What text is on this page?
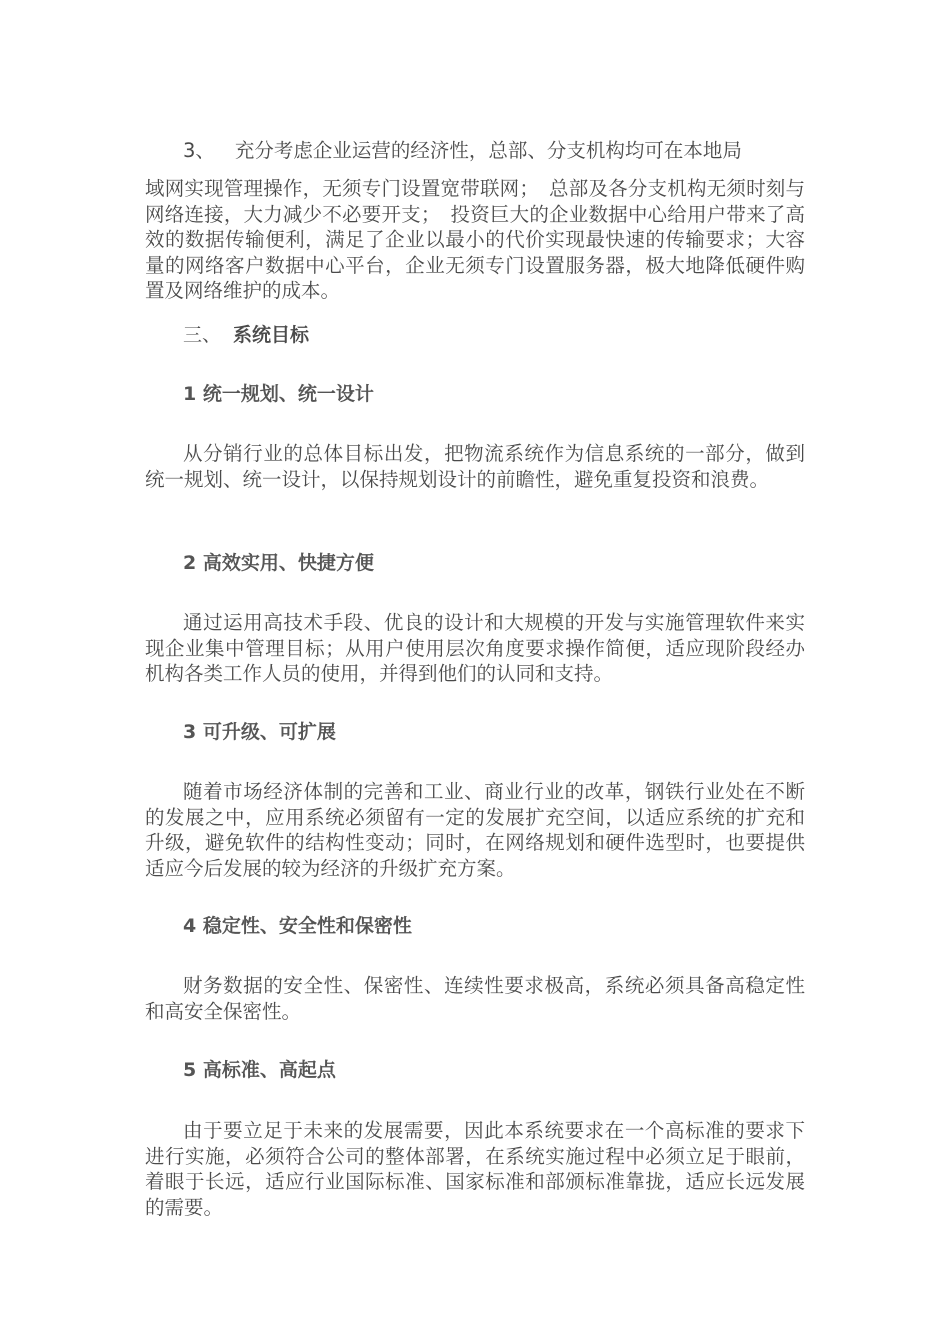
3、 充分考虑企业运营的经济性，总部、分支机构均可在本地局

域网实现管理操作，无须专门设置宽带联网；　总部及各分支机构无须时刻与网络连接，大力减少不必要开支；　投资巨大的企业数据中心给用户带来了高效的数据传输便利，满足了企业以最小的代价实现最快速的传输要求；大容量的网络客户数据中心平台，企业无须专门设置服务器，极大地降低硬件购置及网络维护的成本。

三、 系统目标
1 统一规划、统一设计

从分销行业的总体目标出发，把物流系统作为信息系统的一部分，做到统一规划、统一设计，以保持规划设计的前瞻性，避免重复投资和浪费。

2 高效实用、快捷方便

通过运用高技术手段、优良的设计和大规模的开发与实施管理软件来实现企业集中管理目标；从用户使用层次角度要求操作简便，适应现阶段经办机构各类工作人员的使用，并得到他们的认同和支持。

3 可升级、可扩展

随着市场经济体制的完善和工业、商业行业的改革，钢铁行业处在不断的发展之中，应用系统必须留有一定的发展扩充空间，以适应系统的扩充和升级，避免软件的结构性变动；同时，在网络规划和硬件选型时，也要提供适应今后发展的较为经济的升级扩充方案。

4 稳定性、安全性和保密性

财务数据的安全性、保密性、连续性要求极高，系统必须具备高稳定性和高安全保密性。

5 高标准、高起点

由于要立足于未来的发展需要，因此本系统要求在一个高标准的要求下进行实施，必须符合公司的整体部署，在系统实施过程中必须立足于眼前，着眼于长远，适应行业国际标准、国家标准和部颁标准靠拢，适应长远发展的需要。
